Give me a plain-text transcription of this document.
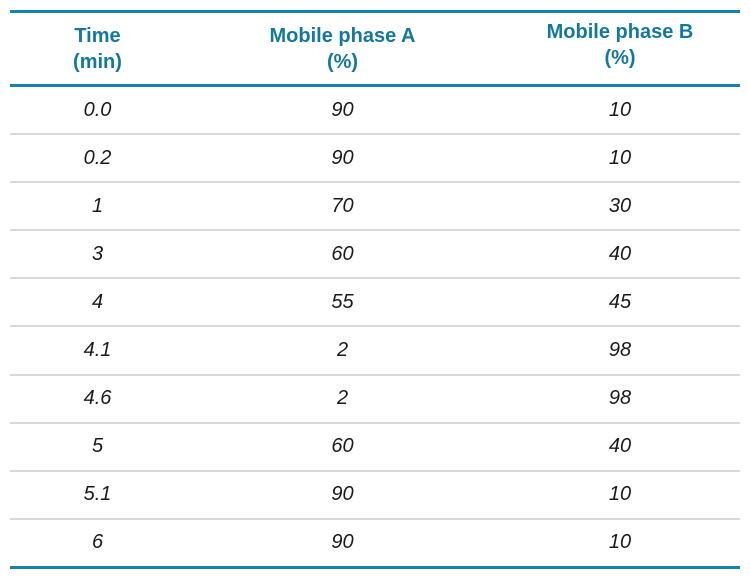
Time
(min)
Mobile phase A
(%)
Mobile phase B
(%)
0.0	90	10
0.2	90	10
1	70	30
3	60	40
4	55	45
4.1	2	98
4.6	2	98
5	60	40
5.1	90	10
6	90	10
